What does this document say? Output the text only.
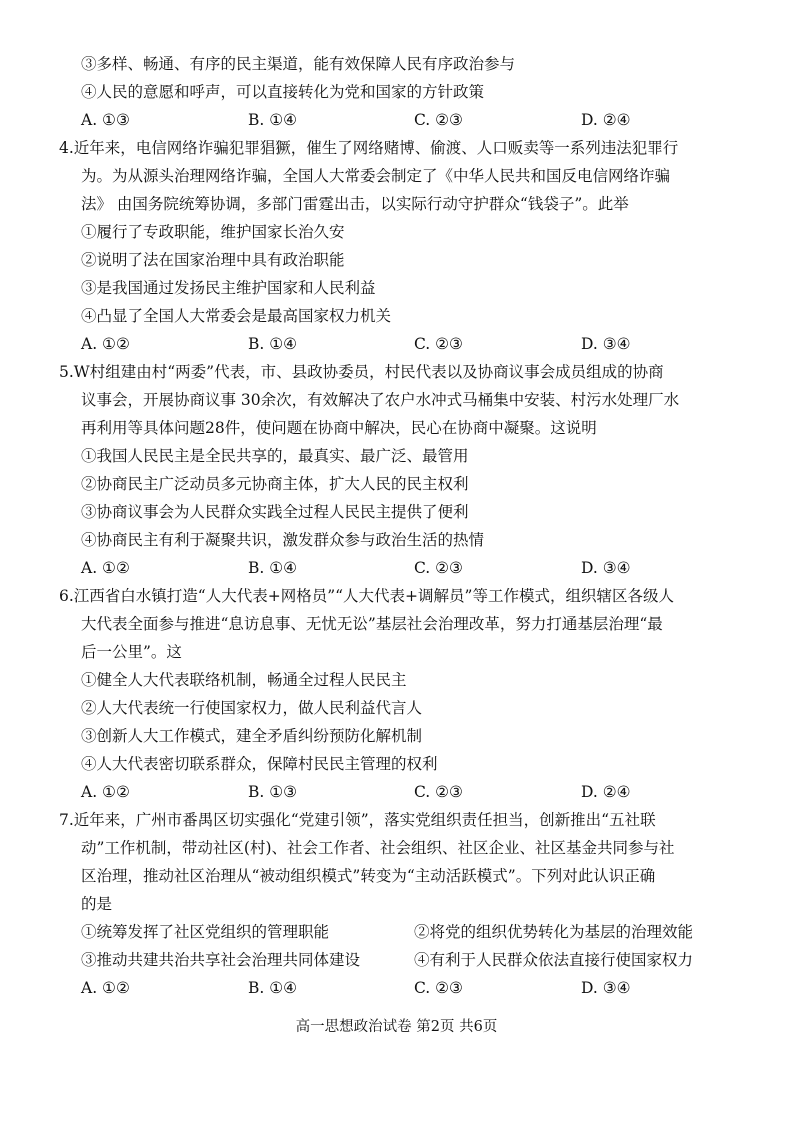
③多样、畅通、有序的民主渠道，能有效保障人民有序政治参与
④人民的意愿和呼声，可以直接转化为党和国家的方针政策
A. ①③	B. ①④	C. ②③	D. ②④
4.近年来，电信网络诈骗犯罪猖獗，催生了网络赌博、偷渡、人口贩卖等一系列违法犯罪行
为。为从源头治理网络诈骗，全国人大常委会制定了《中华人民共和国反电信网络诈骗
法》 由国务院统筹协调，多部门雷霆出击，以实际行动守护群众“钱袋子”。此举
①履行了专政职能，维护国家长治久安
②说明了法在国家治理中具有政治职能
③是我国通过发扬民主维护国家和人民利益
④凸显了全国人大常委会是最高国家权力机关
A. ①②	B. ①④	C. ②③	D. ③④
5.W村组建由村“两委”代表，市、县政协委员，村民代表以及协商议事会成员组成的协商
议事会，开展协商议事 30余次，有效解决了农户水冲式马桶集中安装、村污水处理厂水
再利用等具体问题28件，使问题在协商中解决，民心在协商中凝聚。这说明
①我国人民民主是全民共享的，最真实、最广泛、最管用
②协商民主广泛动员多元协商主体，扩大人民的民主权利
③协商议事会为人民群众实践全过程人民民主提供了便利
④协商民主有利于凝聚共识，激发群众参与政治生活的热情
A. ①②	B. ①④	C. ②③	D. ③④
6.江西省白水镇打造“人大代表+网格员”“人大代表+调解员”等工作模式，组织辖区各级人
大代表全面参与推进“息访息事、无忧无讼”基层社会治理改革，努力打通基层治理“最
后一公里”。这
①健全人大代表联络机制，畅通全过程人民民主
②人大代表统一行使国家权力，做人民利益代言人
③创新人大工作模式，建全矛盾纠纷预防化解机制
④人大代表密切联系群众，保障村民民主管理的权利
A. ①②	B. ①③	C. ②③	D. ②④
7.近年来，广州市番禺区切实强化“党建引领”，落实党组织责任担当，创新推出“五社联
动”工作机制，带动社区(村)、社会工作者、社会组织、社区企业、社区基金共同参与社
区治理，推动社区治理从“被动组织模式”转变为“主动活跃模式”。下列对此认识正确
的是
①统筹发挥了社区党组织的管理职能	②将党的组织优势转化为基层的治理效能
③推动共建共治共享社会治理共同体建设	④有利于人民群众依法直接行使国家权力
A. ①②	B. ①④	C. ②③	D. ③④
高一思想政治试卷 第2页 共6页
